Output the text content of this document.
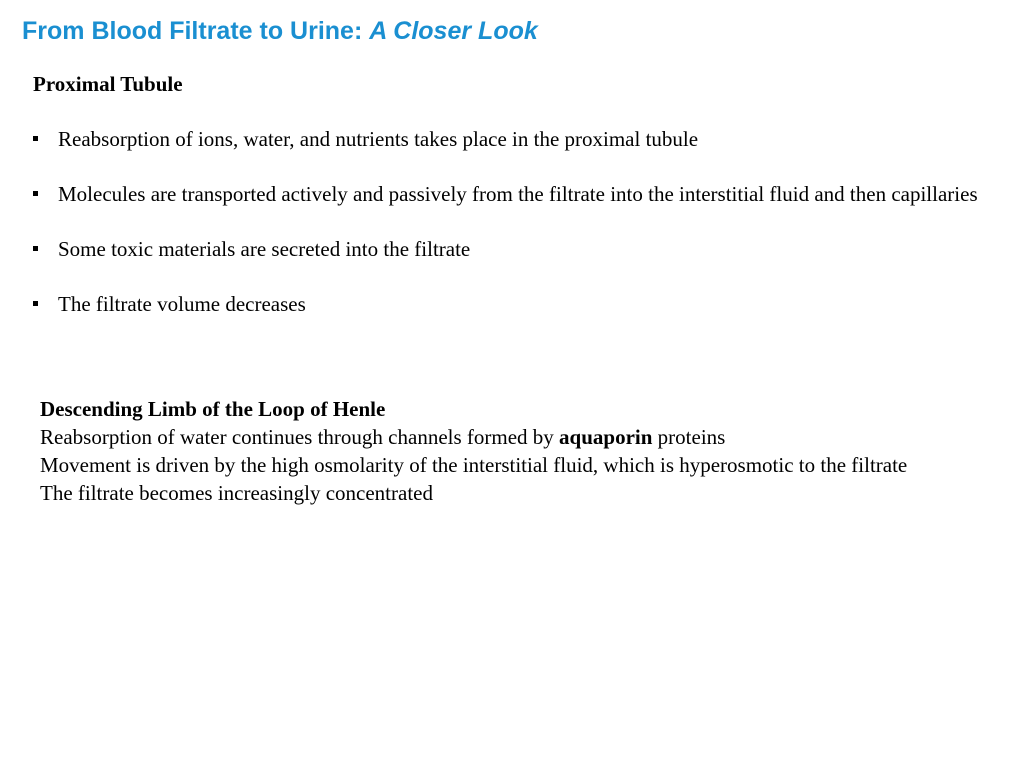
From Blood Filtrate to Urine: A Closer Look

Proximal Tubule

Reabsorption of ions, water, and nutrients takes place in the proximal tubule
Molecules are transported actively and passively from the filtrate into the interstitial fluid and then capillaries
Some toxic materials are secreted into the filtrate
The filtrate volume decreases

Descending Limb of the Loop of Henle

Reabsorption of water continues through channels formed by aquaporin proteins

Movement is driven by the high osmolarity of the interstitial fluid, which is hyperosmotic to the filtrate

The filtrate becomes increasingly concentrated
